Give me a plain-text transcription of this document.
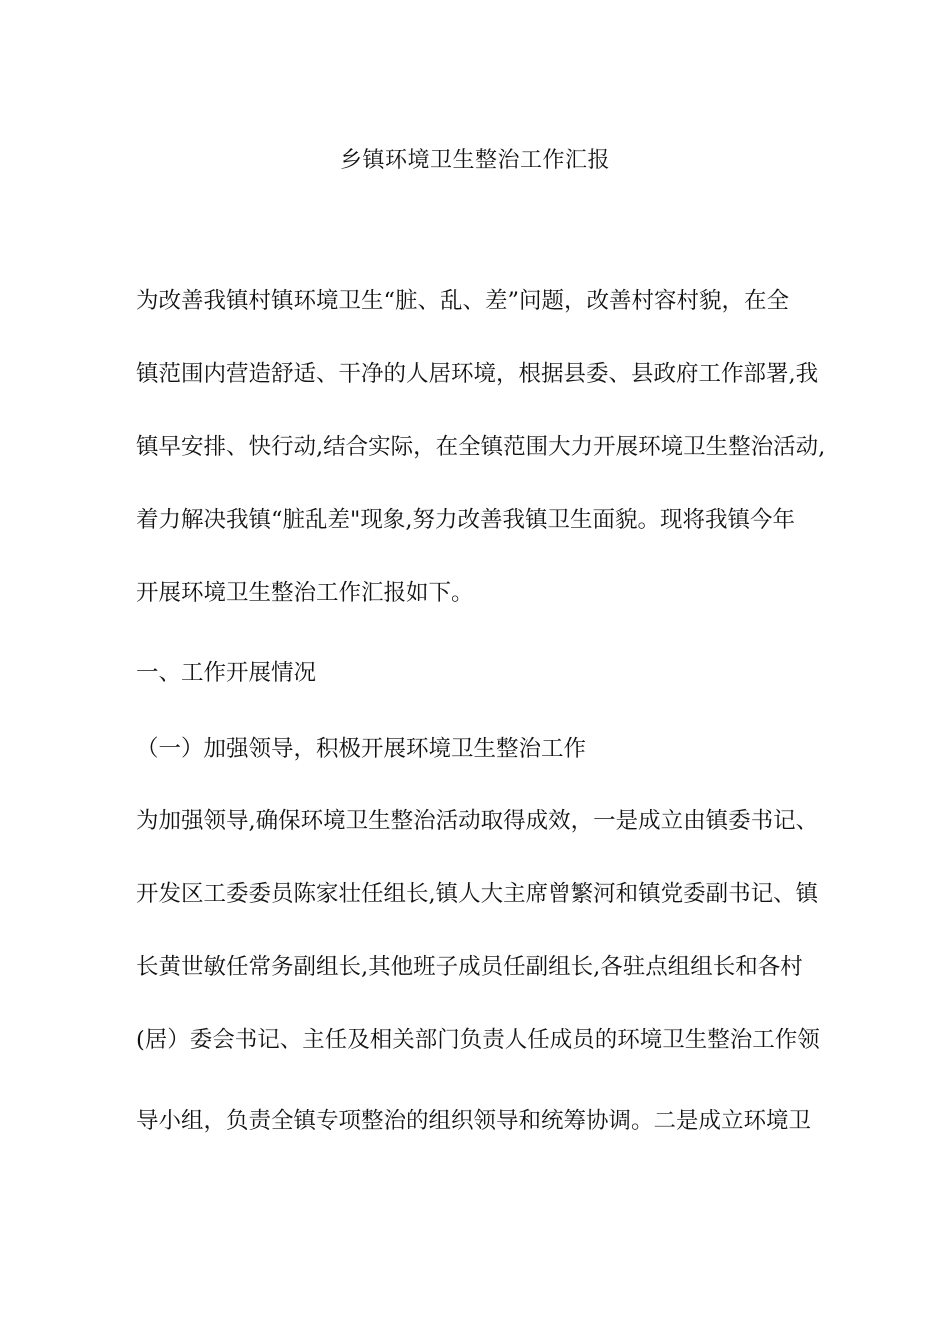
乡镇环境卫生整治工作汇报
为改善我镇村镇环境卫生“脏、乱、差”问题，改善村容村貌，在全
镇范围内营造舒适、干净的人居环境，根据县委、县政府工作部署,我
镇早安排、快行动,结合实际，在全镇范围大力开展环境卫生整治活动,
着力解决我镇“脏乱差"现象,努力改善我镇卫生面貌。现将我镇今年
开展环境卫生整治工作汇报如下。
一、工作开展情况
（一）加强领导，积极开展环境卫生整治工作
为加强领导,确保环境卫生整治活动取得成效，一是成立由镇委书记、
开发区工委委员陈家壮任组长,镇人大主席曾繁河和镇党委副书记、镇
长黄世敏任常务副组长,其他班子成员任副组长,各驻点组组长和各村
(居）委会书记、主任及相关部门负责人任成员的环境卫生整治工作领
导小组，负责全镇专项整治的组织领导和统筹协调。二是成立环境卫
